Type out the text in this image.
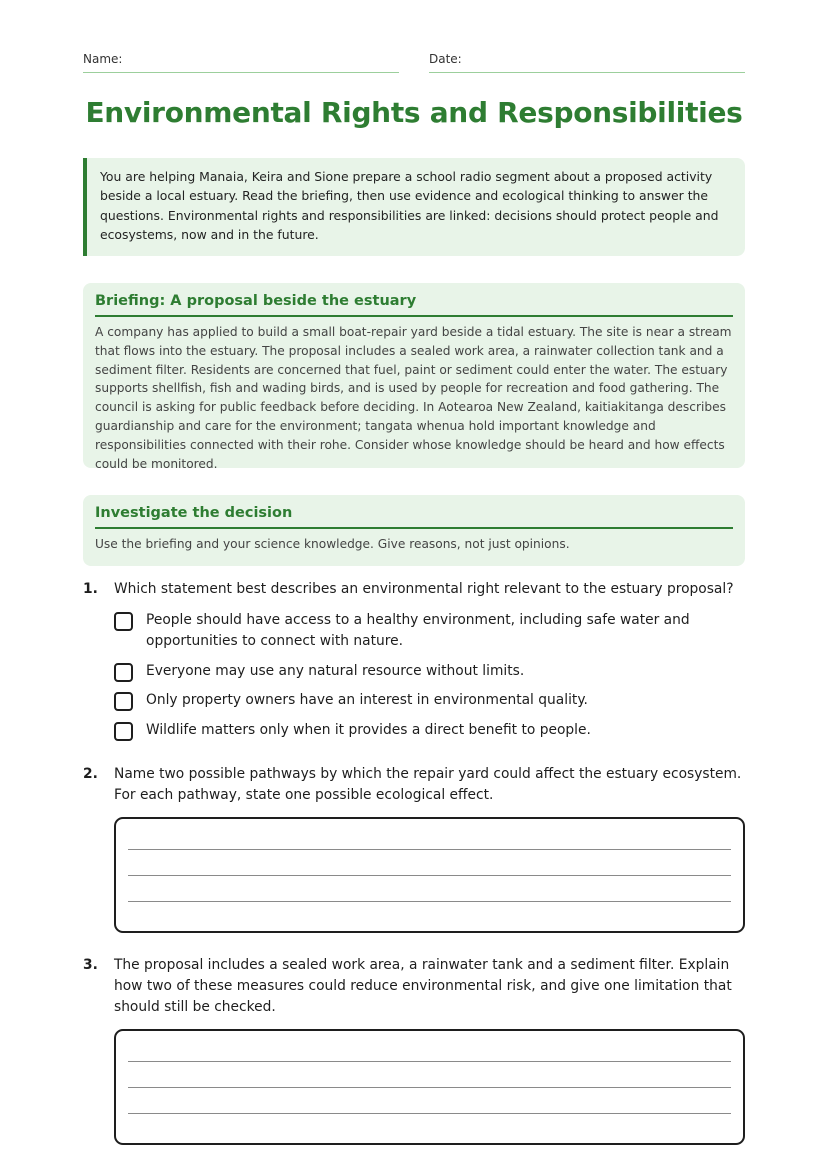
Name:	Date:
Environmental Rights and Responsibilities
You are helping Manaia, Keira and Sione prepare a school radio segment about a proposed activity beside a local estuary. Read the briefing, then use evidence and ecological thinking to answer the questions. Environmental rights and responsibilities are linked: decisions should protect people and ecosystems, now and in the future.
Briefing: A proposal beside the estuary
A company has applied to build a small boat-repair yard beside a tidal estuary. The site is near a stream that flows into the estuary. The proposal includes a sealed work area, a rainwater collection tank and a sediment filter. Residents are concerned that fuel, paint or sediment could enter the water. The estuary supports shellfish, fish and wading birds, and is used by people for recreation and food gathering. The council is asking for public feedback before deciding. In Aotearoa New Zealand, kaitiakitanga describes guardianship and care for the environment; tangata whenua hold important knowledge and responsibilities connected with their rohe. Consider whose knowledge should be heard and how effects could be monitored.
Investigate the decision
Use the briefing and your science knowledge. Give reasons, not just opinions.
1. Which statement best describes an environmental right relevant to the estuary proposal?
People should have access to a healthy environment, including safe water and opportunities to connect with nature.
Everyone may use any natural resource without limits.
Only property owners have an interest in environmental quality.
Wildlife matters only when it provides a direct benefit to people.
2. Name two possible pathways by which the repair yard could affect the estuary ecosystem. For each pathway, state one possible ecological effect.
3. The proposal includes a sealed work area, a rainwater tank and a sediment filter. Explain how two of these measures could reduce environmental risk, and give one limitation that should still be checked.
